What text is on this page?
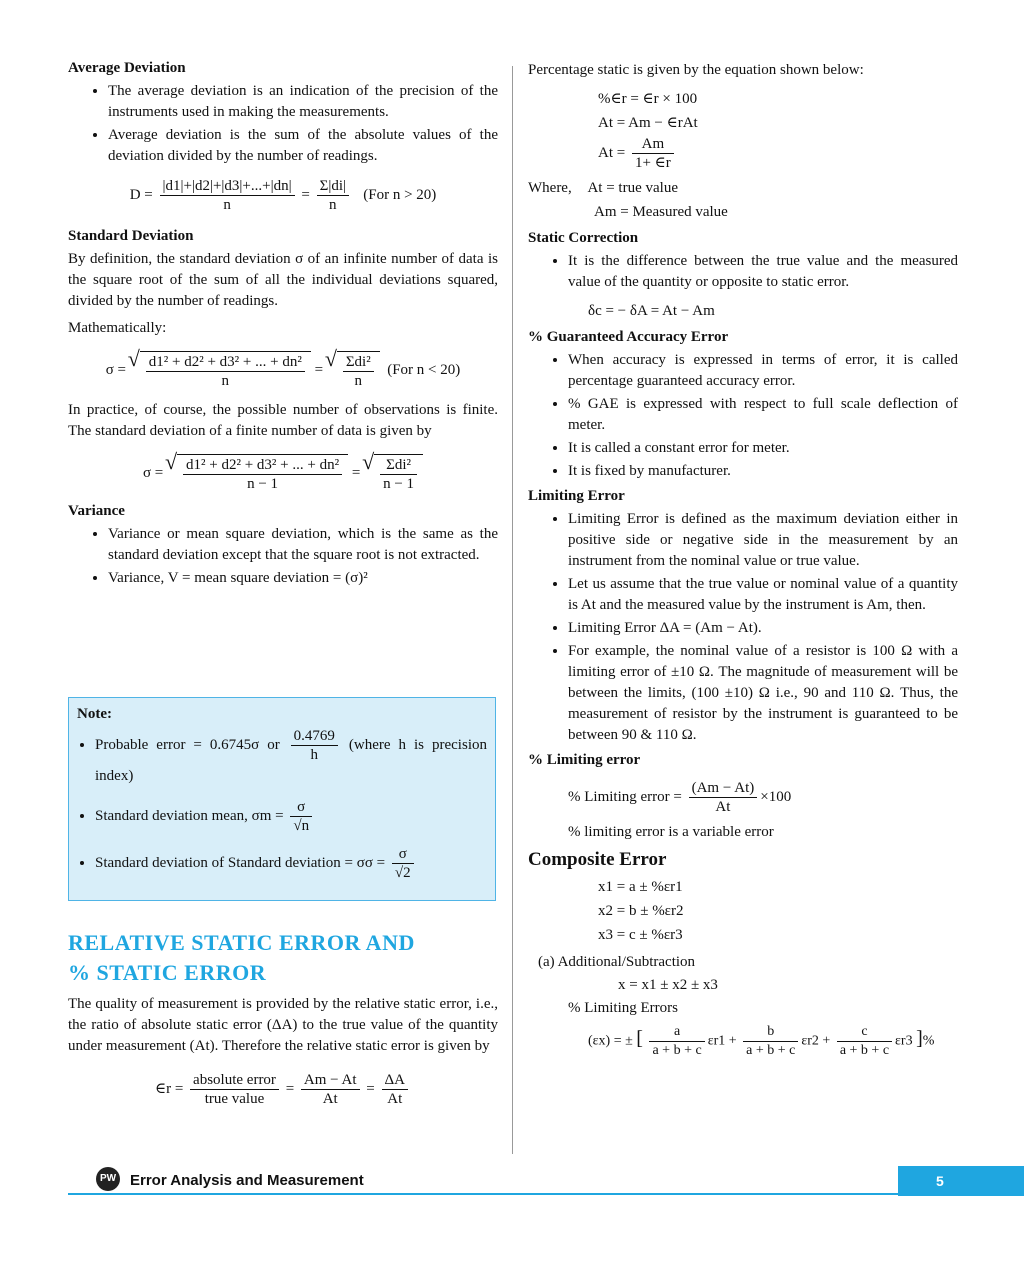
Average Deviation
• The average deviation is an indication of the precision of the instruments used in making the measurements.
• Average deviation is the sum of the absolute values of the deviation divided by the number of readings.
$D = \frac{|d1|+|d2|+|d3|+...+|dn|}{n} = \frac{\Sigma|di|}{n} (For$ n > 20)
Standard Deviation

By definition, the standard deviation σ of an infinite number of data is the square root of the sum of all the individual deviations squared, divided by the number of readings.

Mathematically:

σ = √ $\frac{\text{d1² + d2² + d3² + ... + dn²}}{n}$ = √ $\frac{\text{Σdi²}}{n} (For$ n < 20)

In practice, of course, the possible number of observations is finite. The standard deviation of a finite number of data is given by

σ = √ $\frac{\text{d1² + d2² + d3² + ... + dn²}}{n - 1}$ = √ $\frac{\text{Σdi²}}{n - 1}$
Variance
• Variance or mean square deviation, which is the same as the standard deviation except that the square root is not extracted.
• Variance, V = mean square deviation = (σ)²
Note:
• Probable error = 0.6745σ or $\frac{0.4769}{h}$ (where h is precision index)
• Standard deviation mean, $\sigma m = \frac{\sigma}{√n}$
• Standard deviation of Standard deviation = $\sigma\sigma = \frac{\sigma}{√2}$
RELATIVE STATIC ERROR AND
% STATIC ERROR

The quality of measurement is provided by the relative static error, i.e., the ratio of absolute static error (ΔA) to the true value of the quantity under measurement (At). Therefore the relative static error is given by

∈r = $\frac{\text{absolute error}}{\text{true value}} = \frac{Am - At}{At} = \frac{\Delta A}{At}$

Percentage static is given by the equation shown below:

%∈r = ∈r × 100
At = Am − ∈rAt
$At = \frac{Am}{1+ \in r}$
Where, At = true value
Am = Measured value
Static Correction
• It is the difference between the true value and the measured value of the quantity or opposite to static error.
δc = − δA = At − Am
% Guaranteed Accuracy Error
• When accuracy is expressed in terms of error, it is called percentage guaranteed accuracy error.
• % GAE is expressed with respect to full scale deflection of meter.
• It is called a constant error for meter.
• It is fixed by manufacturer.
Limiting Error
• Limiting Error is defined as the maximum deviation either in positive side or negative side in the measurement by an instrument from the nominal value or true value.
• Let us assume that the true value or nominal value of a quantity is At and the measured value by the instrument is Am, then.
• Limiting Error ΔA = (Am − At).
• For example, the nominal value of a resistor is 100 Ω with a limiting error of ±10 Ω. The magnitude of measurement will be between the limits, (100 ±10) Ω i.e., 90 and 110 Ω. Thus, the measurement of resistor by the instrument is guaranteed to be between 90 & 110 Ω.
% Limiting error
% Limiting error = $\frac{(Am - At)}{At} \times 100$

% limiting error is a variable error

Composite Error
x1 = a ± %εr1
x2 = b ± %εr2
x3 = c ± %εr3
(a) Additional/Subtraction
x = x1 ± x2 ± x3
% Limiting Errors
(εx) = ± [ $\frac{a}{a + b + c} \varepsilon r1 + \frac{b}{a + b + c} \varepsilon r2 + \frac{c}{a + b + c} \varepsilon r3$ ]%
PW Error Analysis and Measurement	5
